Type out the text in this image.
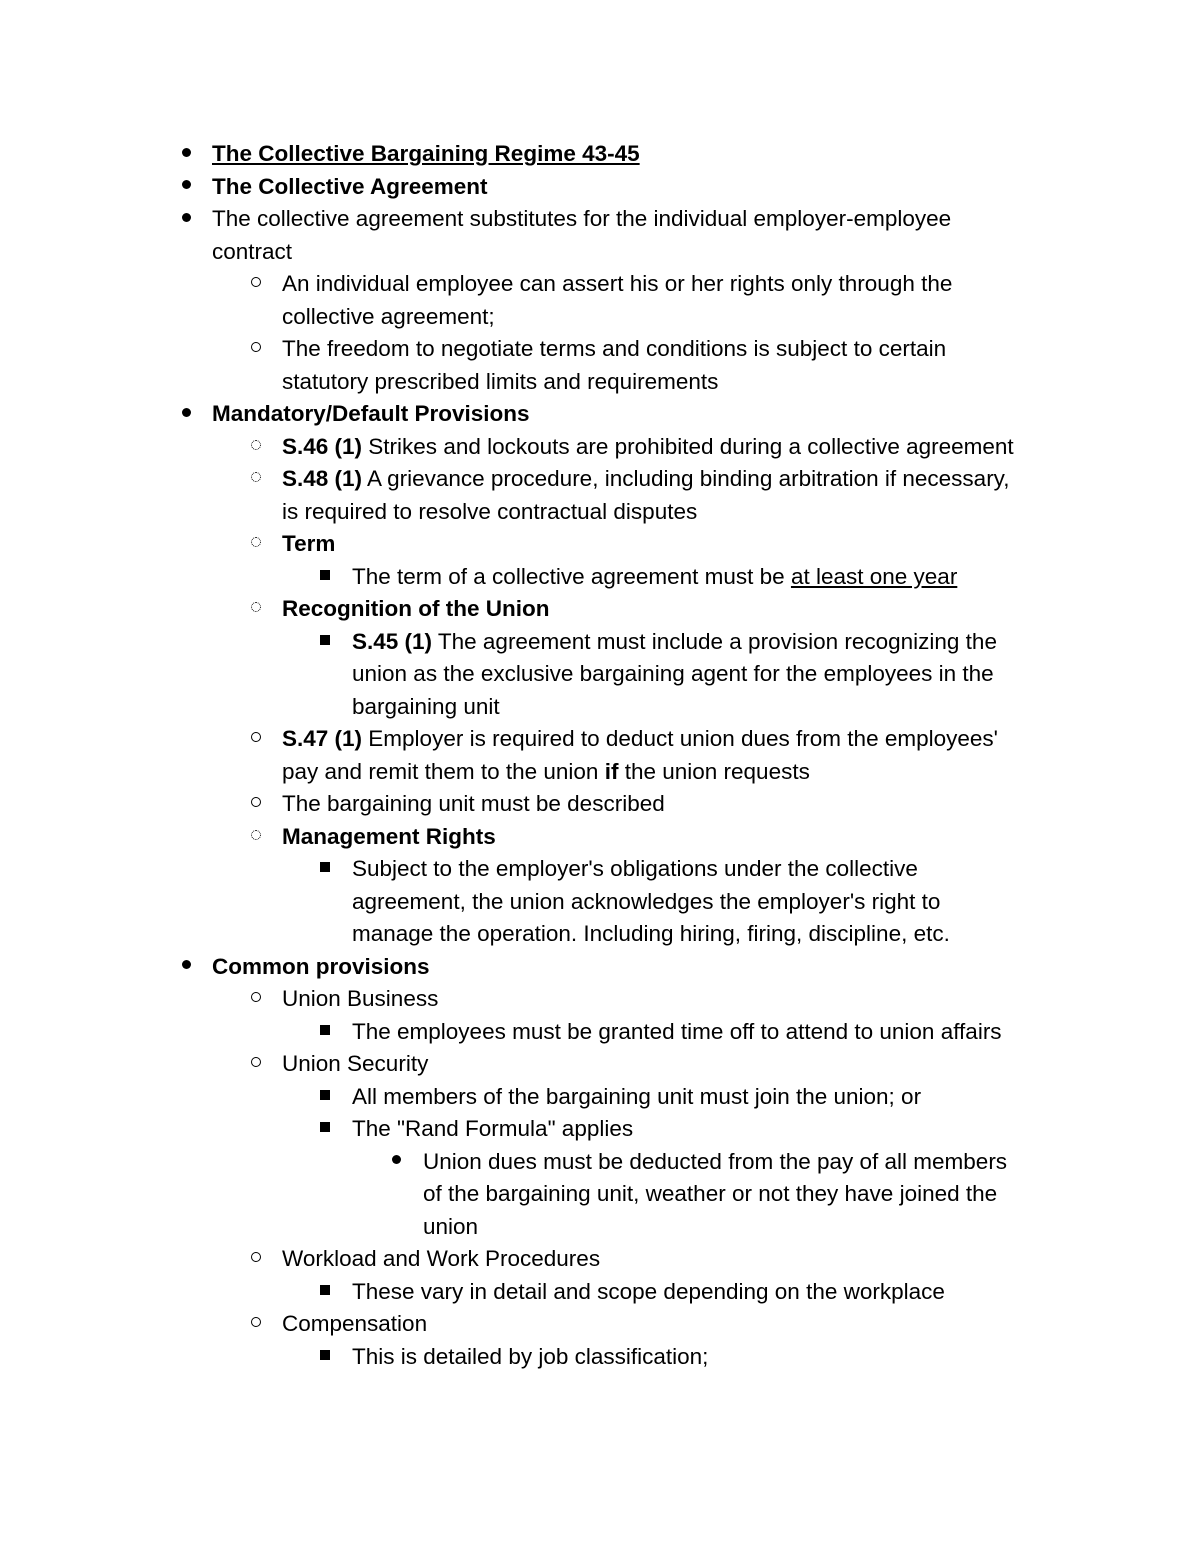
The Collective Bargaining Regime 43-45
The Collective Agreement
The collective agreement substitutes for the individual employer-employee
contract
An individual employee can assert his or her rights only through the
collective agreement;
The freedom to negotiate terms and conditions is subject to certain
statutory prescribed limits and requirements
Mandatory/Default Provisions
S.46 (1) Strikes and lockouts are prohibited during a collective agreement
S.48 (1) A grievance procedure, including binding arbitration if necessary,
is required to resolve contractual disputes
Term
The term of a collective agreement must be at least one year
Recognition of the Union
S.45 (1) The agreement must include a provision recognizing the
union as the exclusive bargaining agent for the employees in the
bargaining unit
S.47 (1) Employer is required to deduct union dues from the employees'
pay and remit them to the union if the union requests
The bargaining unit must be described
Management Rights
Subject to the employer's obligations under the collective
agreement, the union acknowledges the employer's right to
manage the operation. Including hiring, firing, discipline, etc.
Common provisions
Union Business
The employees must be granted time off to attend to union affairs
Union Security
All members of the bargaining unit must join the union; or
The "Rand Formula" applies
Union dues must be deducted from the pay of all members
of the bargaining unit, weather or not they have joined the
union
Workload and Work Procedures
These vary in detail and scope depending on the workplace
Compensation
This is detailed by job classification;
